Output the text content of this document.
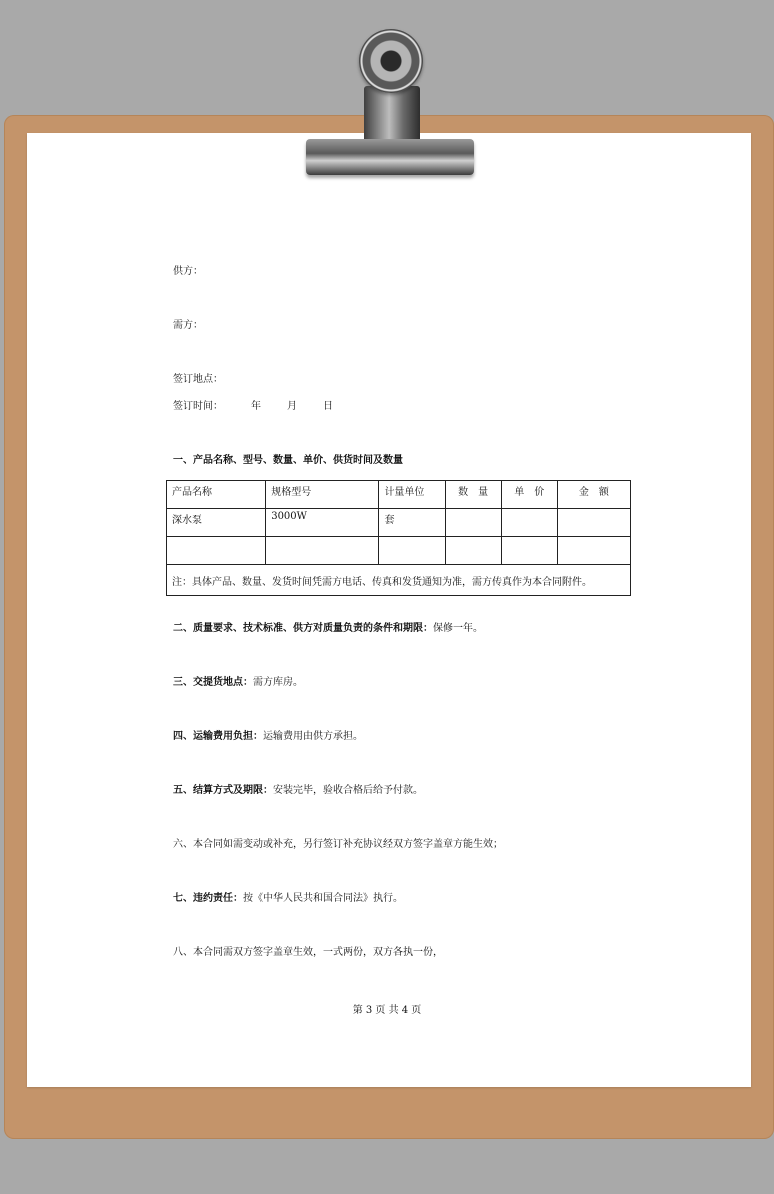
供方：
需方：
签订地点：
签订时间：	年	月	日
一、产品名称、型号、数量、单价、供货时间及数量
产品名称	规格型号	计量单位	数　量	单　价	金　额
深水泵	3000W	套			

注：具体产品、数量、发货时间凭需方电话、传真和发货通知为准，需方传真作为本合同附件。					
二、质量要求、技术标准、供方对质量负责的条件和期限：保修一年。
三、交提货地点：需方库房。
四、运输费用负担：运输费用由供方承担。
五、结算方式及期限：安装完毕，验收合格后给予付款。
六、本合同如需变动或补充，另行签订补充协议经双方签字盖章方能生效；
七、违约责任：按《中华人民共和国合同法》执行。
八、本合同需双方签字盖章生效，一式两份，双方各执一份，
第 3 页 共 4 页
